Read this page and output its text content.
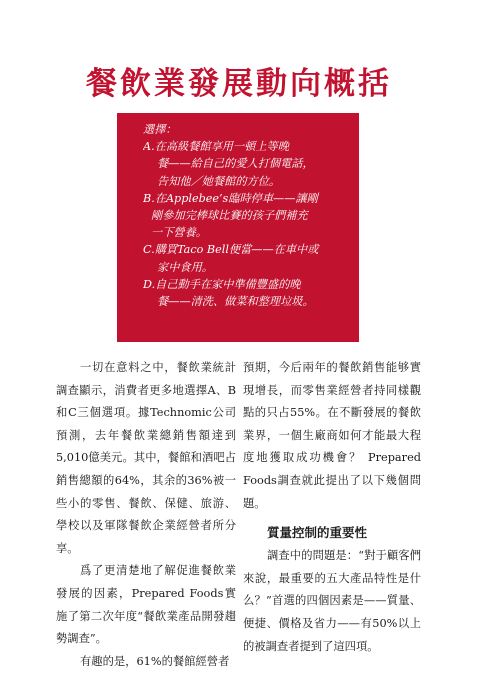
餐飲業發展動向概括
選擇：
A.在高級餐館享用一頓上等晚
餐——給自己的愛人打個電話，
告知他／她餐館的方位。
B.在Applebee’s臨時停車——讓剛
剛參加完棒球比賽的孩子們補充
一下營養。
C.購買Taco Bell便當——在車中或
家中食用。
D.自己動手在家中準備豐盛的晚
餐——清洗、做菜和整理垃圾。

一切在意料之中，餐飲業統計調查顯示，消費者更多地選擇A、B和C三個選項。據Technomic公司預測，去年餐飲業總銷售額達到5,010億美元。其中，餐館和酒吧占銷售總額的64%，其余的36%被一些小的零售、餐飲、保健、旅游、學校以及軍隊餐飲企業經營者所分享。

爲了更清楚地了解促進餐飲業發展的因素，Prepared Foods實施了第二次年度“餐飲業產品開發趨勢調查”。

有趣的是，61%的餐館經營者

預期，今后兩年的餐飲銷售能够實現增長，而零售業經營者持同樣觀點的只占55%。在不斷發展的餐飲業界，一個生廠商如何才能最大程度地獲取成功機會？ Prepared Foods調查就此提出了以下幾個問題。

質量控制的重要性

調查中的問題是：“對于顧客們來說，最重要的五大產品特性是什么？”首選的四個因素是——質量、便捷、價格及省力——有50%以上的被調查者提到了這四項。
